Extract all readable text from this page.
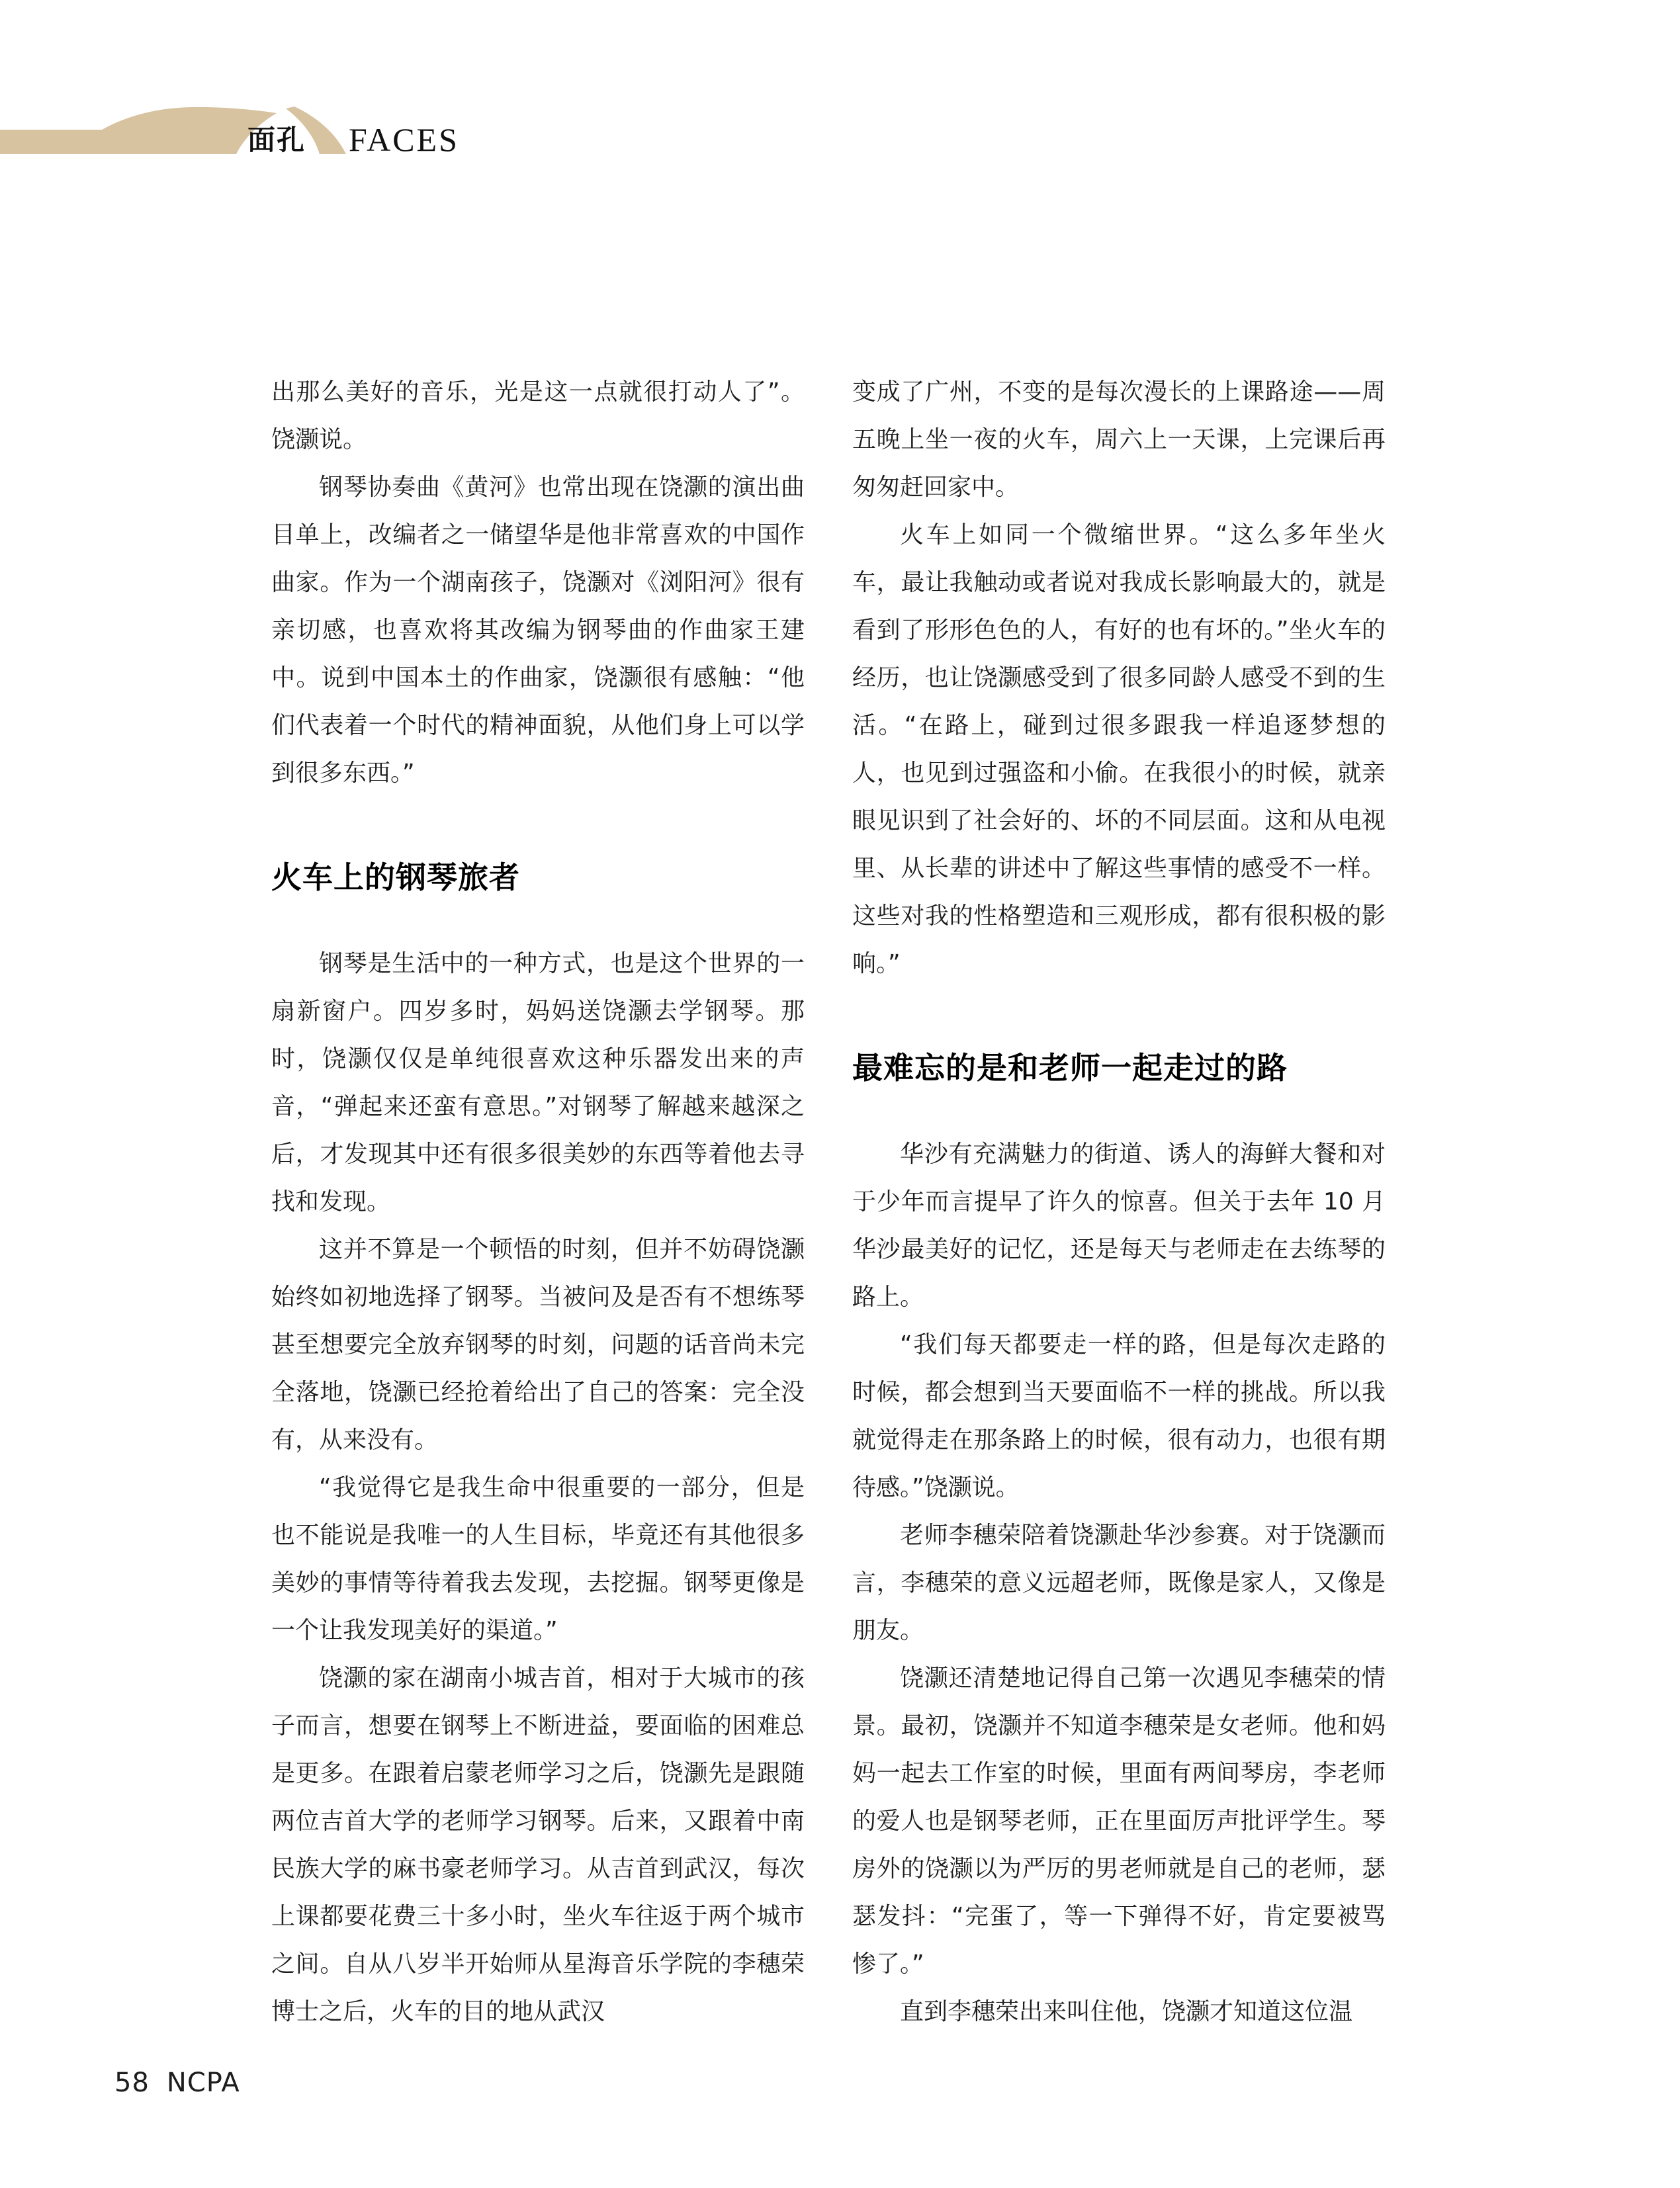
面孔 FACES

出那么美好的音乐，光是这一点就很打动人了”。饶灏说。

钢琴协奏曲《黄河》也常出现在饶灏的演出曲目单上，改编者之一储望华是他非常喜欢的中国作曲家。作为一个湖南孩子，饶灏对《浏阳河》很有亲切感，也喜欢将其改编为钢琴曲的作曲家王建中。说到中国本土的作曲家，饶灏很有感触：“他们代表着一个时代的精神面貌，从他们身上可以学到很多东西。”

火车上的钢琴旅者

钢琴是生活中的一种方式，也是这个世界的一扇新窗户。四岁多时，妈妈送饶灏去学钢琴。那时，饶灏仅仅是单纯很喜欢这种乐器发出来的声音，“弹起来还蛮有意思。”对钢琴了解越来越深之后，才发现其中还有很多很美妙的东西等着他去寻找和发现。

这并不算是一个顿悟的时刻，但并不妨碍饶灏始终如初地选择了钢琴。当被问及是否有不想练琴甚至想要完全放弃钢琴的时刻，问题的话音尚未完全落地，饶灏已经抢着给出了自己的答案：完全没有，从来没有。

“我觉得它是我生命中很重要的一部分，但是也不能说是我唯一的人生目标，毕竟还有其他很多美妙的事情等待着我去发现，去挖掘。钢琴更像是一个让我发现美好的渠道。”

饶灏的家在湖南小城吉首，相对于大城市的孩子而言，想要在钢琴上不断进益，要面临的困难总是更多。在跟着启蒙老师学习之后，饶灏先是跟随两位吉首大学的老师学习钢琴。后来，又跟着中南民族大学的麻书豪老师学习。从吉首到武汉，每次上课都要花费三十多小时，坐火车往返于两个城市之间。自从八岁半开始师从星海音乐学院的李穗荣博士之后，火车的目的地从武汉

变成了广州，不变的是每次漫长的上课路途——周五晚上坐一夜的火车，周六上一天课，上完课后再匆匆赶回家中。

火车上如同一个微缩世界。“这么多年坐火车，最让我触动或者说对我成长影响最大的，就是看到了形形色色的人，有好的也有坏的。”坐火车的经历，也让饶灏感受到了很多同龄人感受不到的生活。“在路上，碰到过很多跟我一样追逐梦想的人，也见到过强盗和小偷。在我很小的时候，就亲眼见识到了社会好的、坏的不同层面。这和从电视里、从长辈的讲述中了解这些事情的感受不一样。这些对我的性格塑造和三观形成，都有很积极的影响。”

最难忘的是和老师一起走过的路

华沙有充满魅力的街道、诱人的海鲜大餐和对于少年而言提早了许久的惊喜。但关于去年 10 月华沙最美好的记忆，还是每天与老师走在去练琴的路上。

“我们每天都要走一样的路，但是每次走路的时候，都会想到当天要面临不一样的挑战。所以我就觉得走在那条路上的时候，很有动力，也很有期待感。”饶灏说。

老师李穗荣陪着饶灏赴华沙参赛。对于饶灏而言，李穗荣的意义远超老师，既像是家人，又像是朋友。

饶灏还清楚地记得自己第一次遇见李穗荣的情景。最初，饶灏并不知道李穗荣是女老师。他和妈妈一起去工作室的时候，里面有两间琴房，李老师的爱人也是钢琴老师，正在里面厉声批评学生。琴房外的饶灏以为严厉的男老师就是自己的老师，瑟瑟发抖：“完蛋了，等一下弹得不好，肯定要被骂惨了。”

直到李穗荣出来叫住他，饶灏才知道这位温

58 NCPA
